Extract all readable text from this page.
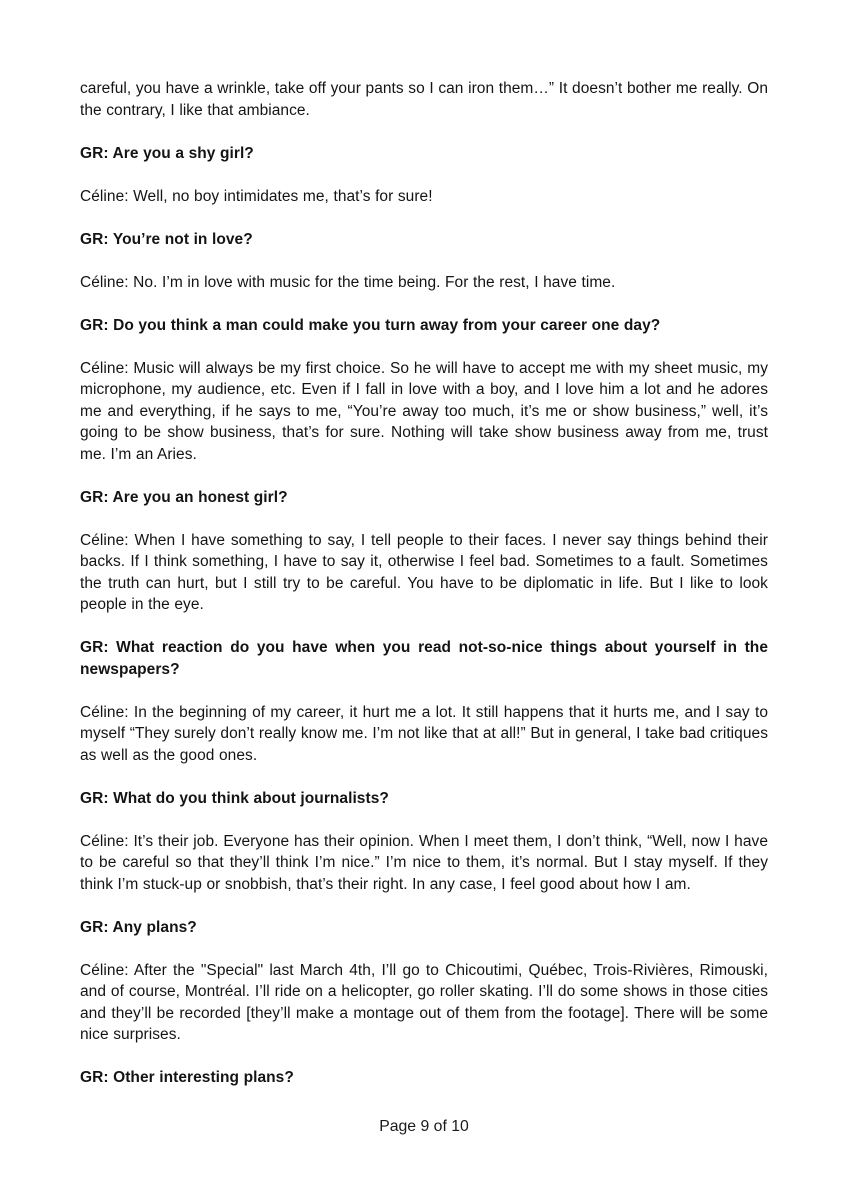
careful, you have a wrinkle, take off your pants so I can iron them…” It doesn’t bother me really. On the contrary, I like that ambiance.

GR: Are you a shy girl?

Céline: Well, no boy intimidates me, that’s for sure!

GR: You’re not in love?

Céline: No. I’m in love with music for the time being. For the rest, I have time.

GR: Do you think a man could make you turn away from your career one day?

Céline: Music will always be my first choice. So he will have to accept me with my sheet music, my microphone, my audience, etc. Even if I fall in love with a boy, and I love him a lot and he adores me and everything, if he says to me, “You’re away too much, it’s me or show business,” well, it’s going to be show business, that’s for sure. Nothing will take show business away from me, trust me. I’m an Aries.

GR: Are you an honest girl?

Céline: When I have something to say, I tell people to their faces. I never say things behind their backs. If I think something, I have to say it, otherwise I feel bad. Sometimes to a fault. Sometimes the truth can hurt, but I still try to be careful. You have to be diplomatic in life. But I like to look people in the eye.

GR: What reaction do you have when you read not-so-nice things about yourself in the newspapers?

Céline: In the beginning of my career, it hurt me a lot. It still happens that it hurts me, and I say to myself “They surely don’t really know me. I’m not like that at all!” But in general, I take bad critiques as well as the good ones.

GR: What do you think about journalists?

Céline: It’s their job. Everyone has their opinion. When I meet them, I don’t think, “Well, now I have to be careful so that they’ll think I’m nice.” I’m nice to them, it’s normal. But I stay myself. If they think I’m stuck-up or snobbish, that’s their right. In any case, I feel good about how I am.

GR: Any plans?

Céline: After the "Special" last March 4th, I’ll go to Chicoutimi, Québec, Trois-Rivières, Rimouski, and of course, Montréal. I’ll ride on a helicopter, go roller skating. I’ll do some shows in those cities and they’ll be recorded [they’ll make a montage out of them from the footage]. There will be some nice surprises.

GR: Other interesting plans?

Page 9 of 10
